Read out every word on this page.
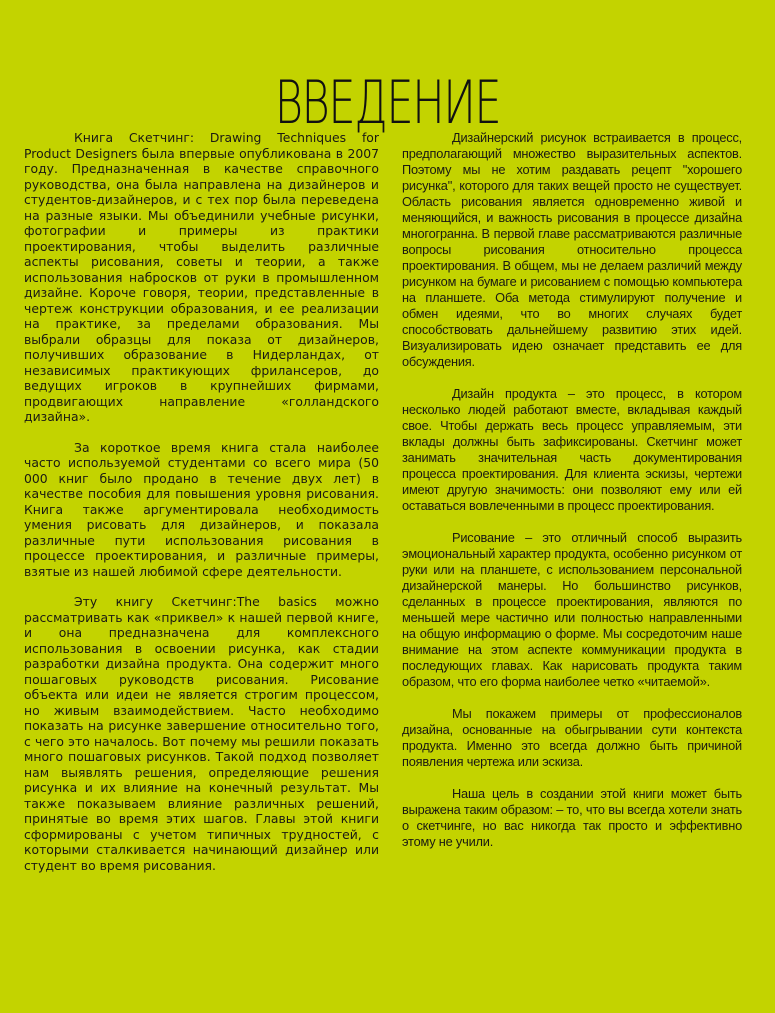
ВВЕДЕНИЕ

Книга Скетчинг: Drawing Techniques for Product Designers была впервые опубликована в 2007 году. Предназначенная в качестве справочного руководства, она была направлена на дизайнеров и студентов-дизайнеров, и с тех пор была переведена на разные языки. Мы объединили учебные рисунки, фотографии и примеры из практики проектирования, чтобы выделить различные аспекты рисования, советы и теории, а также использования набросков от руки в промышленном дизайне. Короче говоря, теории, представленные в чертеж конструкции образования, и ее реализации на практике, за пределами образования. Мы выбрали образцы для показа от дизайнеров, получивших образование в Нидерландах, от независимых практикующих фрилансеров, до ведущих игроков в крупнейших фирмами, продвигающих направление «голландского дизайна».

За короткое время книга стала наиболее часто используемой студентами со всего мира (50 000 книг было продано в течение двух лет) в качестве пособия для повышения уровня рисования. Книга также аргументировала необходимость умения рисовать для дизайнеров, и показала различные пути использования рисования в процессе проектирования, и различные примеры, взятые из нашей любимой сфере деятельности.

Эту книгу Скетчинг:The basics можно рассматривать как «приквел» к нашей первой книге, и она предназначена для комплексного использования в освоении рисунка, как стадии разработки дизайна продукта. Она содержит много пошаговых руководств рисования. Рисование объекта или идеи не является строгим процессом, но живым взаимодействием. Часто необходимо показать на рисунке завершение относительно того, с чего это началось. Вот почему мы решили показать много пошаговых рисунков. Такой подход позволяет нам выявлять решения, определяющие решения рисунка и их влияние на конечный результат. Мы также показываем влияние различных решений, принятые во время этих шагов. Главы этой книги сформированы с учетом типичных трудностей, с которыми сталкивается начинающий дизайнер или студент во время рисования.

Дизайнерский рисунок встраивается в процесс, предполагающий множество выразительных аспектов. Поэтому мы не хотим раздавать рецепт "хорошего рисунка", которого для таких вещей просто не существует. Область рисования является одновременно живой и меняющийся, и важность рисования в процессе дизайна многогранна. В первой главе рассматриваются различные вопросы рисования относительно процесса проектирования. В общем, мы не делаем различий между рисунком на бумаге и рисованием с помощью компьютера на планшете. Оба метода стимулируют получение и обмен идеями, что во многих случаях будет способствовать дальнейшему развитию этих идей. Визуализировать идею означает представить ее для обсуждения.

Дизайн продукта – это процесс, в котором несколько людей работают вместе, вкладывая каждый свое. Чтобы держать весь процесс управляемым, эти вклады должны быть зафиксированы. Скетчинг может занимать значительная часть документирования процесса проектирования. Для клиента эскизы, чертежи имеют другую значимость: они позволяют ему или ей оставаться вовлеченными в процесс проектирования.

Рисование – это отличный способ выразить эмоциональный характер продукта, особенно рисунком от руки или на планшете, с использованием персональной дизайнерской манеры. Но большинство рисунков, сделанных в процессе проектирования, являются по меньшей мере частично или полностью направленными на общую информацию о форме. Мы сосредоточим наше внимание на этом аспекте коммуникации продукта в последующих главах. Как нарисовать продукта таким образом, что его форма наиболее четко «читаемой».

Мы покажем примеры от профессионалов дизайна, основанные на обыгрывании сути контекста продукта. Именно это всегда должно быть причиной появления чертежа или эскиза.

Наша цель в создании этой книги может быть выражена таким образом: – то, что вы всегда хотели знать о скетчинге, но вас никогда так просто и эффективно этому не учили.
